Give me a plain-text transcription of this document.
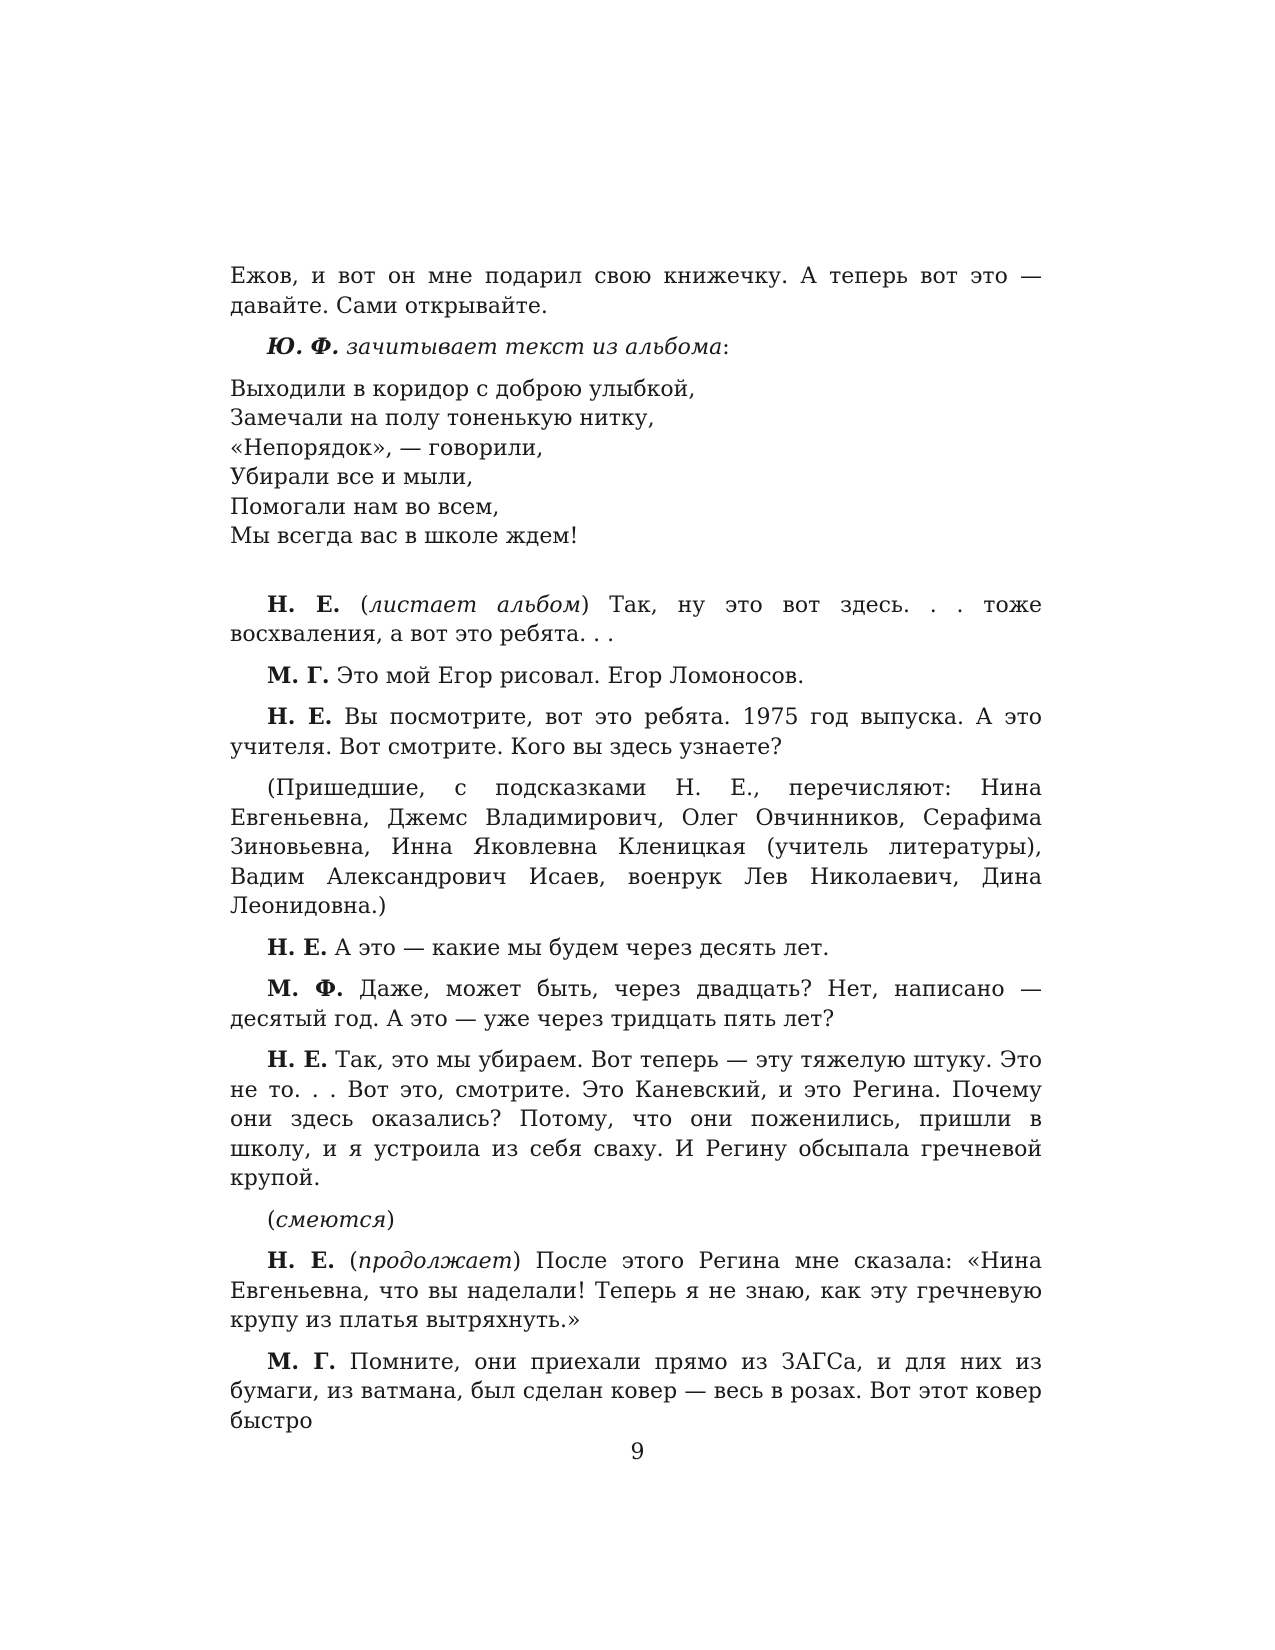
Ежов, и вот он мне подарил свою книжечку. А теперь вот это — давайте. Сами открывайте.

Ю. Ф. зачитывает текст из альбома:

Выходили в коридор с доброю улыбкой,
Замечали на полу тоненькую нитку,
«Непорядок», — говорили,
Убирали все и мыли,
Помогали нам во всем,
Мы всегда вас в школе ждем!

Н. Е. (листает альбом) Так, ну это вот здесь. . . тоже восхваления, а вот это ребята. . .

М. Г. Это мой Егор рисовал. Егор Ломоносов.

Н. Е. Вы посмотрите, вот это ребята. 1975 год выпуска. А это учителя. Вот смотрите. Кого вы здесь узнаете?

(Пришедшие, с подсказками Н. Е., перечисляют: Нина Евгеньевна, Джемс Владимирович, Олег Овчинников, Серафима Зиновьевна, Инна Яковлевна Кленицкая (учитель литературы), Вадим Александрович Исаев, военрук Лев Николаевич, Дина Леонидовна.)

Н. Е. А это — какие мы будем через десять лет.

М. Ф. Даже, может быть, через двадцать? Нет, написано — десятый год. А это — уже через тридцать пять лет?

Н. Е. Так, это мы убираем. Вот теперь — эту тяжелую штуку. Это не то. . . Вот это, смотрите. Это Каневский, и это Регина. Почему они здесь оказались? Потому, что они поженились, пришли в школу, и я устроила из себя сваху. И Регину обсыпала гречневой крупой.

(смеются)

Н. Е. (продолжает) После этого Регина мне сказала: «Нина Евгеньевна, что вы наделали! Теперь я не знаю, как эту гречневую крупу из платья вытряхнуть.»

М. Г. Помните, они приехали прямо из ЗАГСа, и для них из бумаги, из ватмана, был сделан ковер — весь в розах. Вот этот ковер быстро

9
